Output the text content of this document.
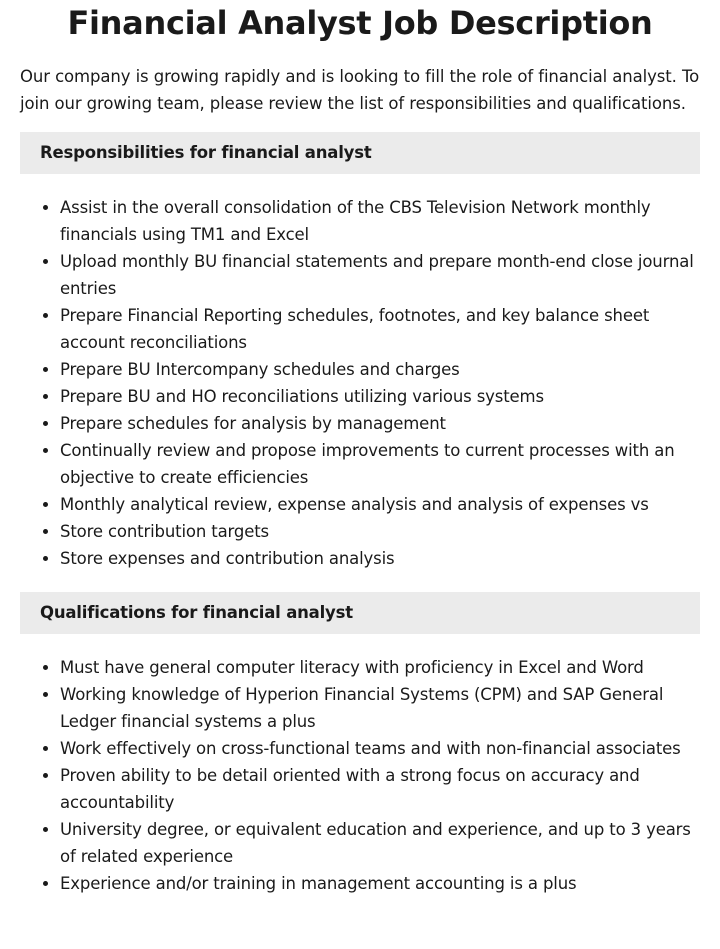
Financial Analyst Job Description

Our company is growing rapidly and is looking to fill the role of financial analyst. To join our growing team, please review the list of responsibilities and qualifications.

Responsibilities for financial analyst
• Assist in the overall consolidation of the CBS Television Network monthly financials using TM1 and Excel
• Upload monthly BU financial statements and prepare month-end close journal entries
• Prepare Financial Reporting schedules, footnotes, and key balance sheet account reconciliations
• Prepare BU Intercompany schedules and charges
• Prepare BU and HO reconciliations utilizing various systems
• Prepare schedules for analysis by management
• Continually review and propose improvements to current processes with an objective to create efficiencies
• Monthly analytical review, expense analysis and analysis of expenses vs
• Store contribution targets
• Store expenses and contribution analysis
Qualifications for financial analyst
• Must have general computer literacy with proficiency in Excel and Word
• Working knowledge of Hyperion Financial Systems (CPM) and SAP General Ledger financial systems a plus
• Work effectively on cross-functional teams and with non-financial associates
• Proven ability to be detail oriented with a strong focus on accuracy and accountability
• University degree, or equivalent education and experience, and up to 3 years of related experience
• Experience and/or training in management accounting is a plus
